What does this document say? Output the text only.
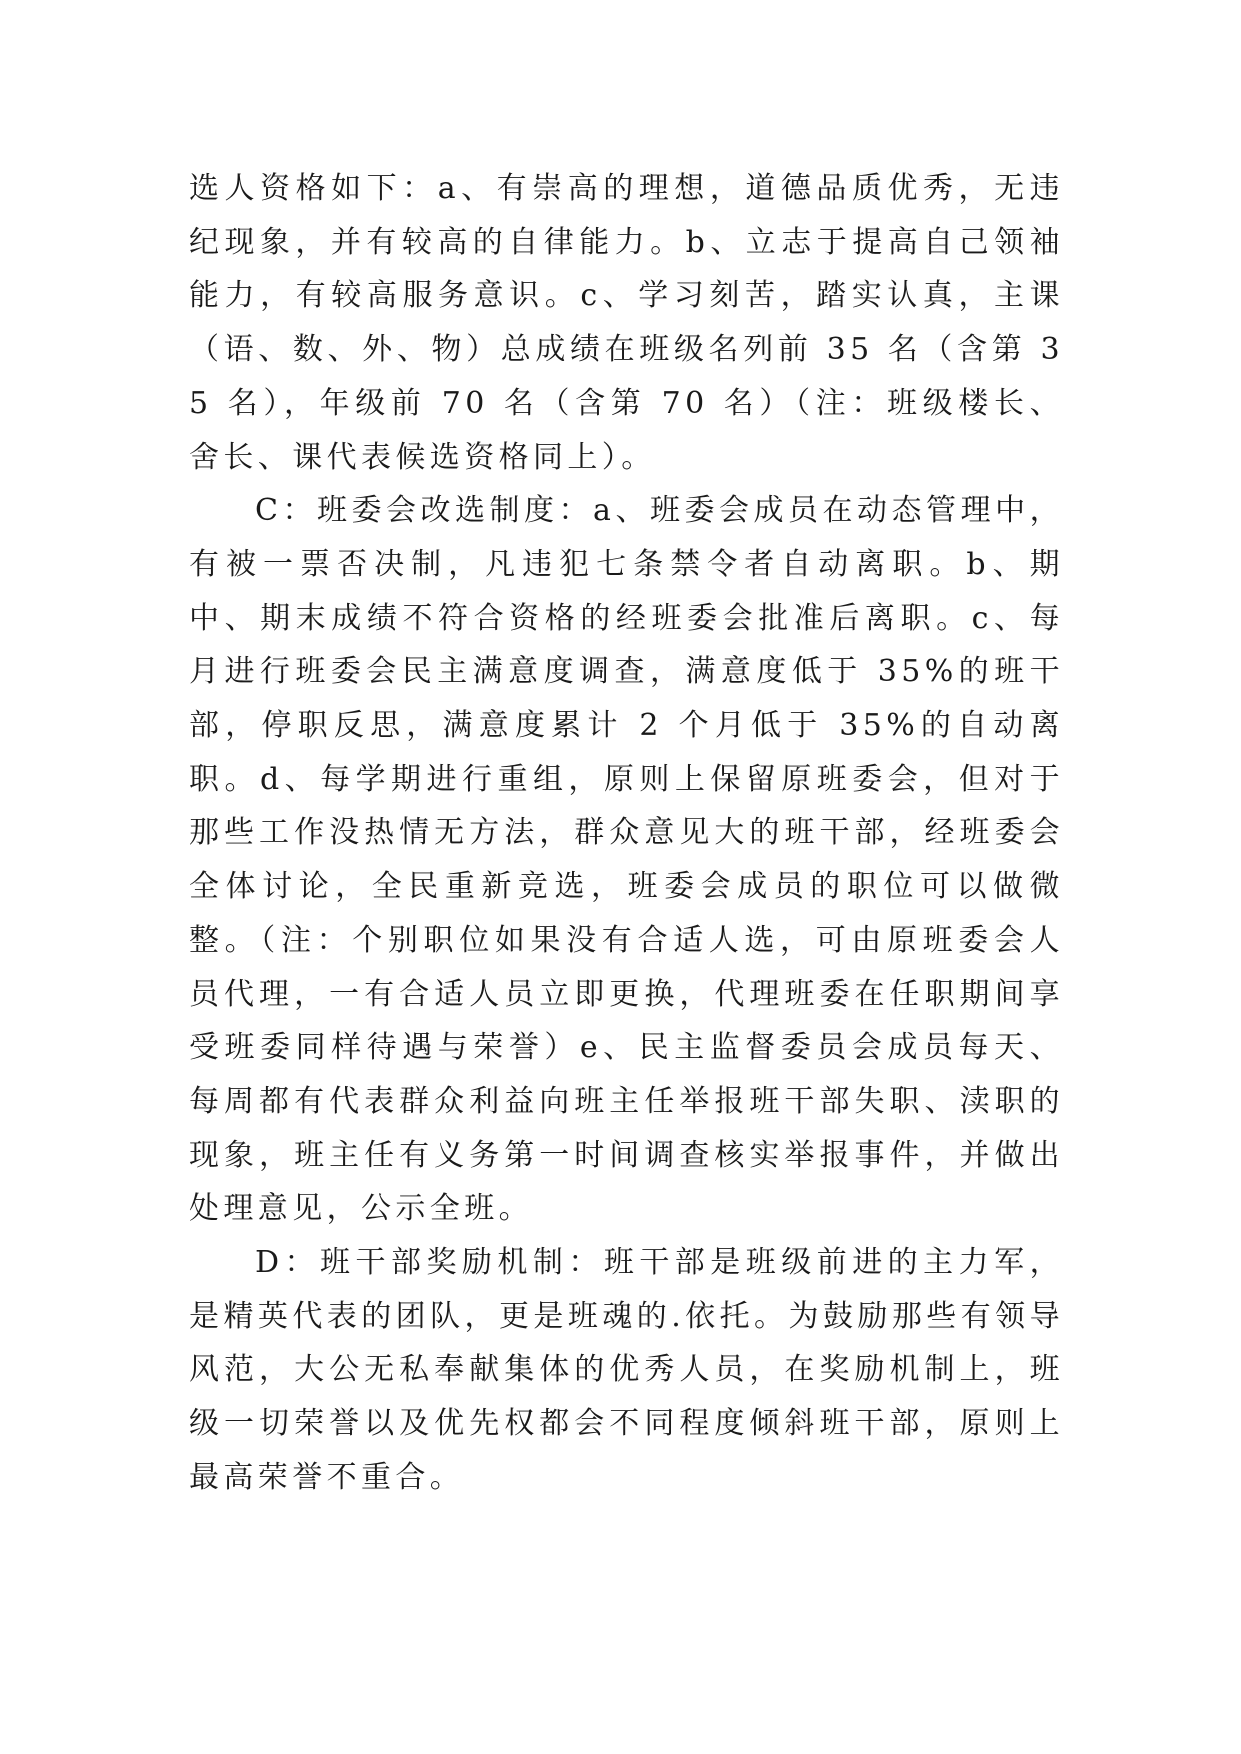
选人资格如下：a、有崇高的理想，道德品质优秀，无违纪现象，并有较高的自律能力。b、立志于提高自己领袖能力，有较高服务意识。c、学习刻苦，踏实认真，主课（语、数、外、物）总成绩在班级名列前 35 名（含第 35 名），年级前 70 名（含第 70 名）（注：班级楼长、舍长、课代表候选资格同上）。

C：班委会改选制度：a、班委会成员在动态管理中，有被一票否决制，凡违犯七条禁令者自动离职。b、期中、期末成绩不符合资格的经班委会批准后离职。c、每月进行班委会民主满意度调查，满意度低于 35%的班干部，停职反思，满意度累计 2 个月低于 35%的自动离职。d、每学期进行重组，原则上保留原班委会，但对于那些工作没热情无方法，群众意见大的班干部，经班委会全体讨论，全民重新竞选，班委会成员的职位可以做微整。（注：个别职位如果没有合适人选，可由原班委会人员代理，一有合适人员立即更换，代理班委在任职期间享受班委同样待遇与荣誉）e、民主监督委员会成员每天、每周都有代表群众利益向班主任举报班干部失职、渎职的现象，班主任有义务第一时间调查核实举报事件，并做出处理意见，公示全班。

D：班干部奖励机制：班干部是班级前进的主力军，是精英代表的团队，更是班魂的.依托。为鼓励那些有领导风范，大公无私奉献集体的优秀人员，在奖励机制上，班级一切荣誉以及优先权都会不同程度倾斜班干部，原则上最高荣誉不重合。
